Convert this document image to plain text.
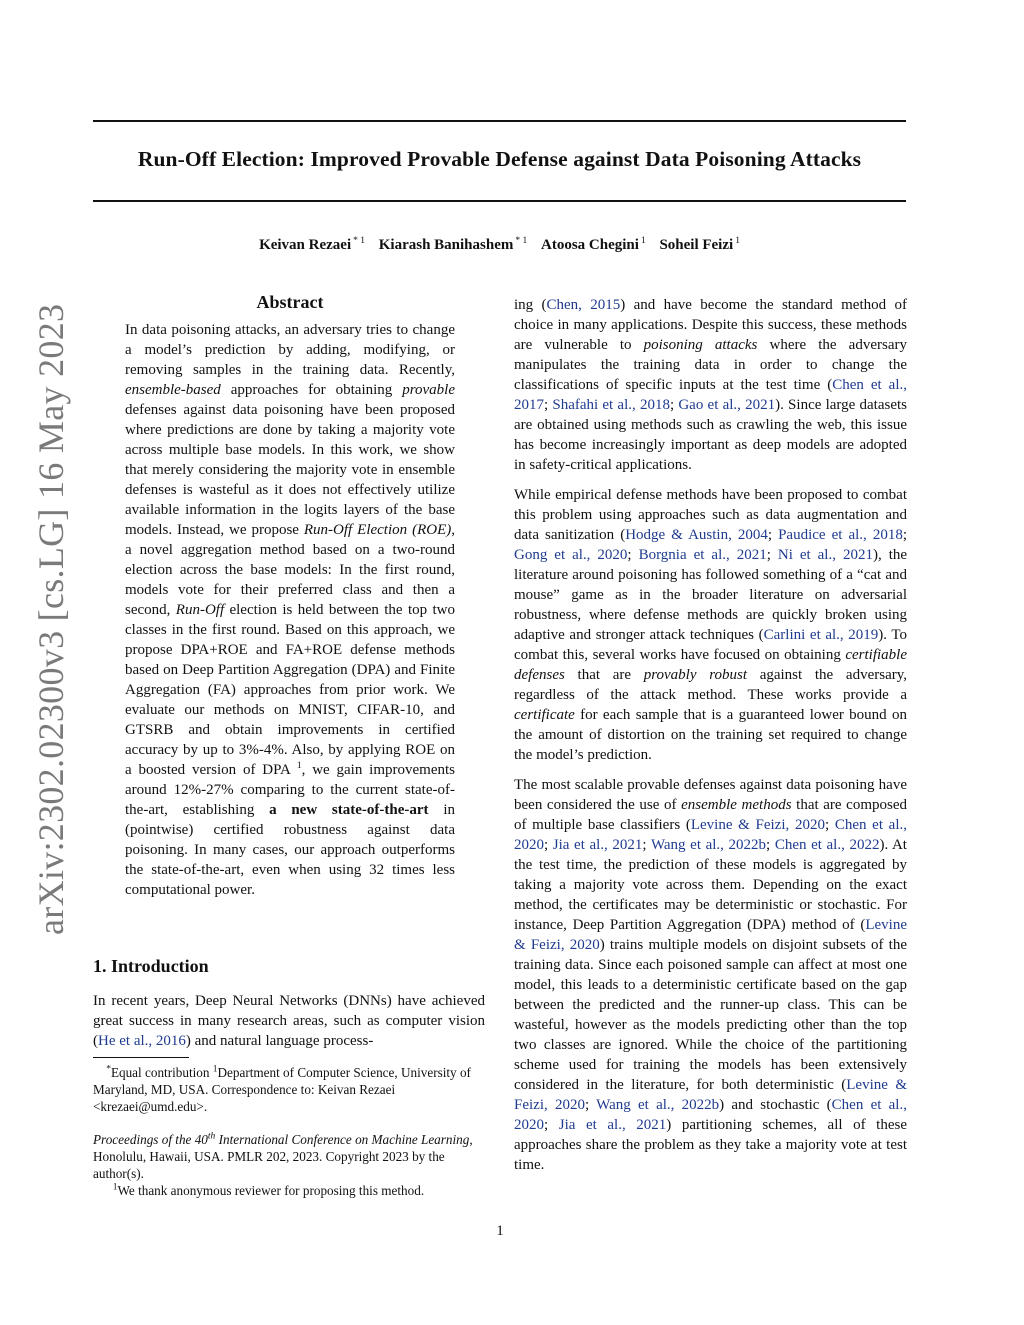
Run-Off Election: Improved Provable Defense against Data Poisoning Attacks
Keivan Rezaei $^{* 1}$ Kiarash Banihashem $^{* 1}$ Atoosa Chegini $^1$ Soheil Feizi $^1$
arXiv:2302.02300v3 [cs.LG] 16 May 2023
Abstract

In data poisoning attacks, an adversary tries to change a model’s prediction by adding, modifying, or removing samples in the training data. Recently, ensemble-based approaches for obtaining provable defenses against data poisoning have been proposed where predictions are done by taking a majority vote across multiple base models. In this work, we show that merely considering the majority vote in ensemble defenses is wasteful as it does not effectively utilize available information in the logits layers of the base models. Instead, we propose Run-Off Election (ROE), a novel aggregation method based on a two-round election across the base models: In the first round, models vote for their preferred class and then a second, Run-Off election is held between the top two classes in the first round. Based on this approach, we propose DPA+ROE and FA+ROE defense methods based on Deep Partition Aggregation (DPA) and Finite Aggregation (FA) approaches from prior work. We evaluate our methods on MNIST, CIFAR-10, and GTSRB and obtain improvements in certified accuracy by up to 3%-4%. Also, by applying ROE on a boosted version of DPA $^1$, we gain improvements around 12%-27% comparing to the current state-of-the-art, establishing a new state-of-the-art in (pointwise) certified robustness against data poisoning. In many cases, our approach outperforms the state-of-the-art, even when using 32 times less computational power.

1. Introduction

In recent years, Deep Neural Networks (DNNs) have achieved great success in many research areas, such as computer vision (He et al., 2016) and natural language process-

*Equal contribution $^1$Department of Computer Science, University of Maryland, MD, USA. Correspondence to: Keivan Rezaei <krezaei@umd.edu>.

Proceedings of the 40th International Conference on Machine Learning, Honolulu, Hawaii, USA. PMLR 202, 2023. Copyright 2023 by the author(s).

$^1$We thank anonymous reviewer for proposing this method.

ing (Chen, 2015) and have become the standard method of choice in many applications. Despite this success, these methods are vulnerable to poisoning attacks where the adversary manipulates the training data in order to change the classifications of specific inputs at the test time (Chen et al., 2017; Shafahi et al., 2018; Gao et al., 2021). Since large datasets are obtained using methods such as crawling the web, this issue has become increasingly important as deep models are adopted in safety-critical applications.

While empirical defense methods have been proposed to combat this problem using approaches such as data augmentation and data sanitization (Hodge & Austin, 2004; Paudice et al., 2018; Gong et al., 2020; Borgnia et al., 2021; Ni et al., 2021), the literature around poisoning has followed something of a “cat and mouse” game as in the broader literature on adversarial robustness, where defense methods are quickly broken using adaptive and stronger attack techniques (Carlini et al., 2019). To combat this, several works have focused on obtaining certifiable defenses that are provably robust against the adversary, regardless of the attack method. These works provide a certificate for each sample that is a guaranteed lower bound on the amount of distortion on the training set required to change the model’s prediction.

The most scalable provable defenses against data poisoning have been considered the use of ensemble methods that are composed of multiple base classifiers (Levine & Feizi, 2020; Chen et al., 2020; Jia et al., 2021; Wang et al., 2022b; Chen et al., 2022). At the test time, the prediction of these models is aggregated by taking a majority vote across them. Depending on the exact method, the certificates may be deterministic or stochastic. For instance, Deep Partition Aggregation (DPA) method of (Levine & Feizi, 2020) trains multiple models on disjoint subsets of the training data. Since each poisoned sample can affect at most one model, this leads to a deterministic certificate based on the gap between the predicted and the runner-up class. This can be wasteful, however as the models predicting other than the top two classes are ignored. While the choice of the partitioning scheme used for training the models has been extensively considered in the literature, for both deterministic (Levine & Feizi, 2020; Wang et al., 2022b) and stochastic (Chen et al., 2020; Jia et al., 2021) partitioning schemes, all of these approaches share the problem as they take a majority vote at test time.

1
